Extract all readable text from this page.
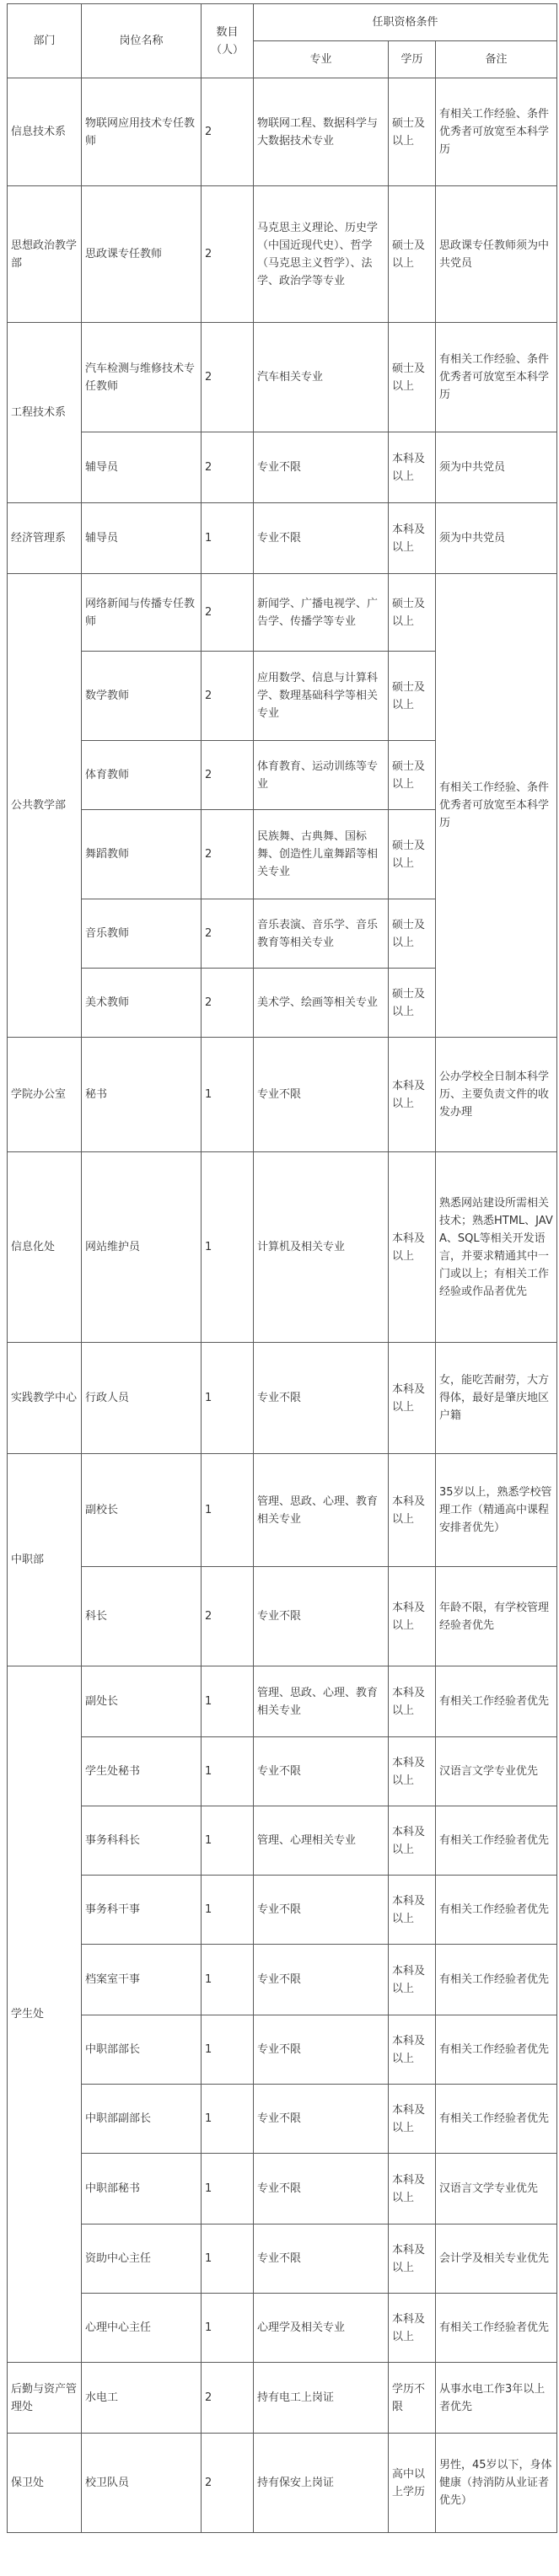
部门	岗位名称	数目（人）	任职资格条件		
			专业	学历	备注
信息技术系	物联网应用技术专任教师	2	物联网工程、数据科学与大数据技术专业	硕士及以上	有相关工作经验、条件优秀者可放宽至本科学历
思想政治教学部	思政课专任教师	2	马克思主义理论、历史学（中国近现代史）、哲学（马克思主义哲学）、法学、政治学等专业	硕士及以上	思政课专任教师须为中共党员
工程技术系	汽车检测与维修技术专任教师	2	汽车相关专业	硕士及以上	有相关工作经验、条件优秀者可放宽至本科学历
	辅导员	2	专业不限	本科及以上	须为中共党员
经济管理系	辅导员	1	专业不限	本科及以上	须为中共党员
公共教学部	网络新闻与传播专任教师	2	新闻学、广播电视学、广告学、传播学等专业	硕士及以上	有相关工作经验、条件优秀者可放宽至本科学历
	数学教师	2	应用数学、信息与计算科学、数理基础科学等相关专业	硕士及以上	
	体育教师	2	体育教育、运动训练等专业	硕士及以上	
	舞蹈教师	2	民族舞、古典舞、国标舞、创造性儿童舞蹈等相关专业	硕士及以上	
	音乐教师	2	音乐表演、音乐学、音乐教育等相关专业	硕士及以上	
	美术教师	2	美术学、绘画等相关专业	硕士及以上	
学院办公室	秘书	1	专业不限	本科及以上	公办学校全日制本科学历、主要负责文件的收发办理
信息化处	网站维护员	1	计算机及相关专业	本科及以上	熟悉网站建设所需相关技术；熟悉HTML、JAVA、SQL等相关开发语言，并要求精通其中一门或以上；有相关工作经验或作品者优先
实践教学中心	行政人员	1	专业不限	本科及以上	女，能吃苦耐劳，大方得体，最好是肇庆地区户籍
中职部	副校长	1	管理、思政、心理、教育相关专业	本科及以上	35岁以上，熟悉学校管理工作（精通高中课程安排者优先）
	科长	2	专业不限	本科及以上	年龄不限，有学校管理经验者优先
学生处	副处长	1	管理、思政、心理、教育相关专业	本科及以上	有相关工作经验者优先
	学生处秘书	1	专业不限	本科及以上	汉语言文学专业优先
	事务科科长	1	管理、心理相关专业	本科及以上	有相关工作经验者优先
	事务科干事	1	专业不限	本科及以上	有相关工作经验者优先
	档案室干事	1	专业不限	本科及以上	有相关工作经验者优先
	中职部部长	1	专业不限	本科及以上	有相关工作经验者优先
	中职部副部长	1	专业不限	本科及以上	有相关工作经验者优先
	中职部秘书	1	专业不限	本科及以上	汉语言文学专业优先
	资助中心主任	1	专业不限	本科及以上	会计学及相关专业优先
	心理中心主任	1	心理学及相关专业	本科及以上	有相关工作经验者优先
后勤与资产管理处	水电工	2	持有电工上岗证	学历不限	从事水电工作3年以上者优先
保卫处	校卫队员	2	持有保安上岗证	高中以上学历	男性，45岁以下，身体健康（持消防从业证者优先）
